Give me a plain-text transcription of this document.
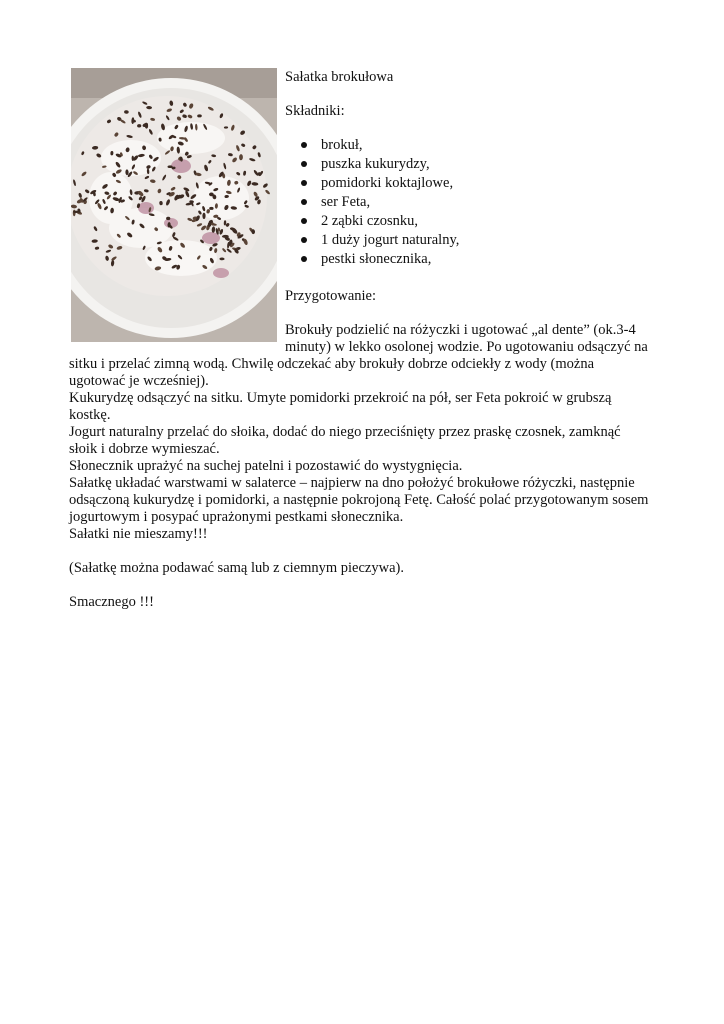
Sałatka brokułowa
Składniki:
brokuł,
puszka kukurydzy,
pomidorki koktajlowe,
ser Feta,
2 ząbki czosnku,
1 duży jogurt naturalny,
pestki słonecznika,
Przygotowanie:
Brokuły podzielić na różyczki i ugotować „al dente” (ok.3-4
minuty) w lekko osolonej wodzie. Po ugotowaniu odsączyć na
sitku i przelać zimną wodą. Chwilę odczekać aby brokuły dobrze odciekły z wody (można
ugotować je wcześniej).
Kukurydzę odsączyć na sitku. Umyte pomidorki przekroić na pół, ser Feta pokroić w grubszą
kostkę.
Jogurt naturalny przelać do słoika, dodać do niego przeciśnięty przez praskę czosnek, zamknąć
słoik i dobrze wymieszać.
Słonecznik uprażyć na suchej patelni i pozostawić do wystygnięcia.
Sałatkę układać warstwami w salaterce – najpierw na dno położyć brokułowe różyczki, następnie
odsączoną kukurydzę i pomidorki, a następnie pokrojoną Fetę. Całość polać przygotowanym sosem
jogurtowym i posypać uprażonymi pestkami słonecznika.
Sałatki nie mieszamy!!!
(Sałatkę można podawać samą lub z ciemnym pieczywa).
Smacznego !!!
